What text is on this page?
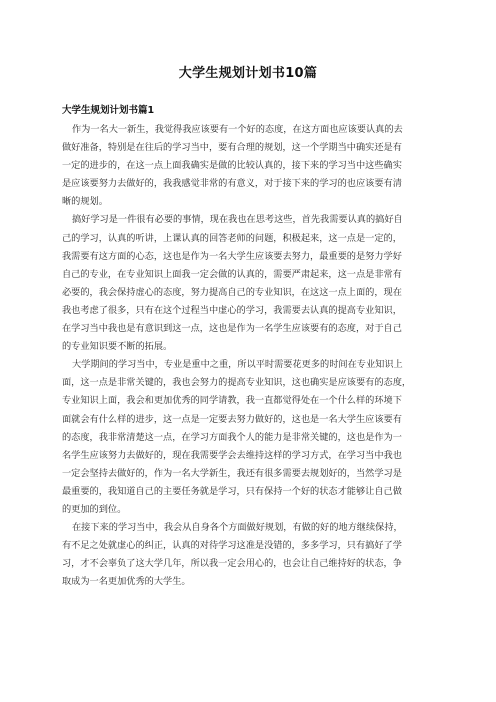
大学生规划计划书10篇
大学生规划计划书篇1
作为一名大一新生，我觉得我应该要有一个好的态度，在这方面也应该要认真的去
做好准备，特别是在往后的学习当中，要有合理的规划，这一个学期当中确实还是有
一定的进步的，在这一点上面我确实是做的比较认真的，接下来的学习当中这些确实
是应该要努力去做好的，我我感觉非常的有意义，对于接下来的学习的也应该要有清
晰的规划。
搞好学习是一件很有必要的事情，现在我也在思考这些，首先我需要认真的搞好自
己的学习，认真的听讲，上课认真的回答老师的问题，积极起来，这一点是一定的，
我需要有这方面的心态，这也是作为一名大学生应该要去努力，最重要的是努力学好
自己的专业，在专业知识上面我一定会做的认真的，需要严肃起来，这一点是非常有
必要的，我会保持虚心的态度，努力提高自己的专业知识，在这这一点上面的，现在
我也考虑了很多，只有在这个过程当中虚心的学习，我需要去认真的提高专业知识，
在学习当中我也是有意识到这一点，这也是作为一名学生应该要有的态度，对于自己
的专业知识要不断的拓展。
大学期间的学习当中，专业是重中之重，所以平时需要花更多的时间在专业知识上
面，这一点是非常关键的，我也会努力的提高专业知识，这也确实是应该要有的态度，
专业知识上面，我会和更加优秀的同学请教，我一直都觉得处在一个什么样的环境下
面就会有什么样的进步，这一点是一定要去努力做好的，这也是一名大学生应该要有
的态度，我非常清楚这一点，在学习方面我个人的能力是非常关键的，这也是作为一
名学生应该努力去做好的，现在我需要学会去维持这样的学习方式，在学习当中我也
一定会坚持去做好的，作为一名大学新生，我还有很多需要去规划好的，当然学习是
最重要的，我知道自己的主要任务就是学习，只有保持一个好的状态才能够让自己做
的更加的到位。
在接下来的学习当中，我会从自身各个方面做好规划，有做的好的地方继续保持，
有不足之处就虚心的纠正，认真的对待学习这准是没错的，多多学习，只有搞好了学
习，才不会辜负了这大学几年，所以我一定会用心的，也会让自己维持好的状态，争
取成为一名更加优秀的大学生。
